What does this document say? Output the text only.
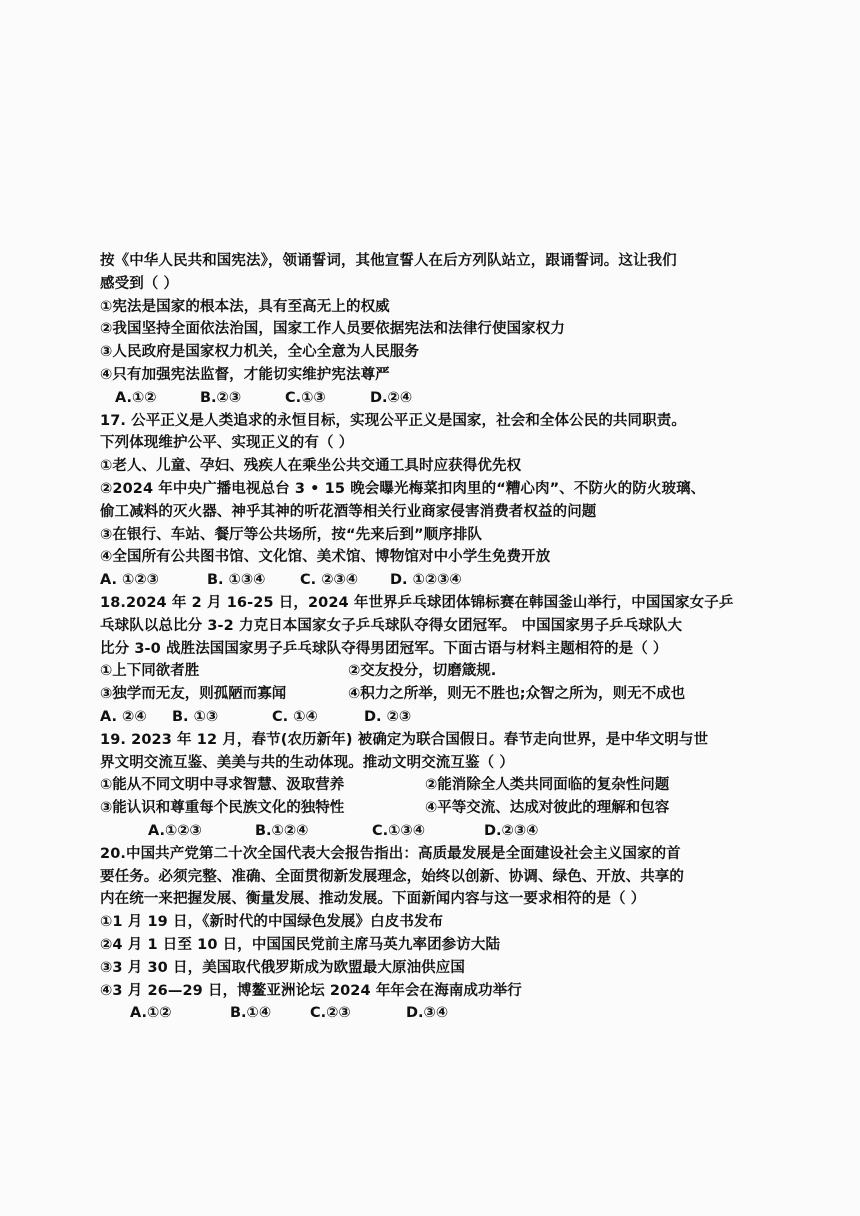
按《中华人民共和国宪法》，领诵誓词，其他宣誓人在后方列队站立，跟诵誓词。这让我们
感受到（ ）
①宪法是国家的根本法，具有至高无上的权威
②我国坚持全面依法治国，国家工作人员要依据宪法和法律行使国家权力
③人民政府是国家权力机关，全心全意为人民服务
④只有加强宪法监督，才能切实维护宪法尊严
A.①②	B.②③	C.①③	D.②④
17. 公平正义是人类追求的永恒目标，实现公平正义是国家，社会和全体公民的共同职责。
下列体现维护公平、实现正义的有（ ）
①老人、儿童、孕妇、残疾人在乘坐公共交通工具时应获得优先权
②2024 年中央广播电视总台 3 • 15 晚会曝光梅菜扣肉里的“糟心肉”、不防火的防火玻璃、
偷工减料的灭火器、神乎其神的听花酒等相关行业商家侵害消费者权益的问题
③在银行、车站、餐厅等公共场所，按“先来后到”顺序排队
④全国所有公共图书馆、文化馆、美术馆、博物馆对中小学生免费开放
A. ①②③	B. ①③④ C. ②③④ D. ①②③④
18.2024 年 2 月 16-25 日，2024 年世界乒乓球团体锦标赛在韩国釜山举行，中国国家女子乒
乓球队以总比分 3-2 力克日本国家女子乒乓球队夺得女团冠军。 中国国家男子乒乓球队大
比分 3-0 战胜法国国家男子乒乓球队夺得男团冠军。下面古语与材料主题相符的是（ ）
①上下同欲者胜	②交友投分，切磨箴规.
③独学而无友，则孤陋而寡闻	④积力之所举，则无不胜也;众智之所为，则无不成也
A. ②④ B. ①③	C. ①④	D. ②③
19. 2023 年 12 月，春节(农历新年) 被确定为联合国假日。春节走向世界，是中华文明与世
界文明交流互鉴、美美与共的生动体现。推动文明交流互鉴（ ）
①能从不同文明中寻求智慧、汲取营养	②能消除全人类共同面临的复杂性问题
③能认识和尊重每个民族文化的独特性	④平等交流、达成对彼此的理解和包容
A.①②③	B.①②④	C.①③④	D.②③④
20.中国共产党第二十次全国代表大会报告指出：高质最发展是全面建设社会主义国家的首
要任务。必须完整、准确、全面贯彻新发展理念，始终以创新、协调、绿色、开放、共享的
内在统一来把握发展、衡量发展、推动发展。下面新闻内容与这一要求相符的是（ ）
①1 月 19 日，《新时代的中国绿色发展》白皮书发布
②4 月 1 日至 10 日，中国国民党前主席马英九率团参访大陆
③3 月 30 日，美国取代俄罗斯成为欧盟最大原油供应国
④3 月 26—29 日，博鳌亚洲论坛 2024 年年会在海南成功举行
A.①②	B.①④	C.②③	D.③④
